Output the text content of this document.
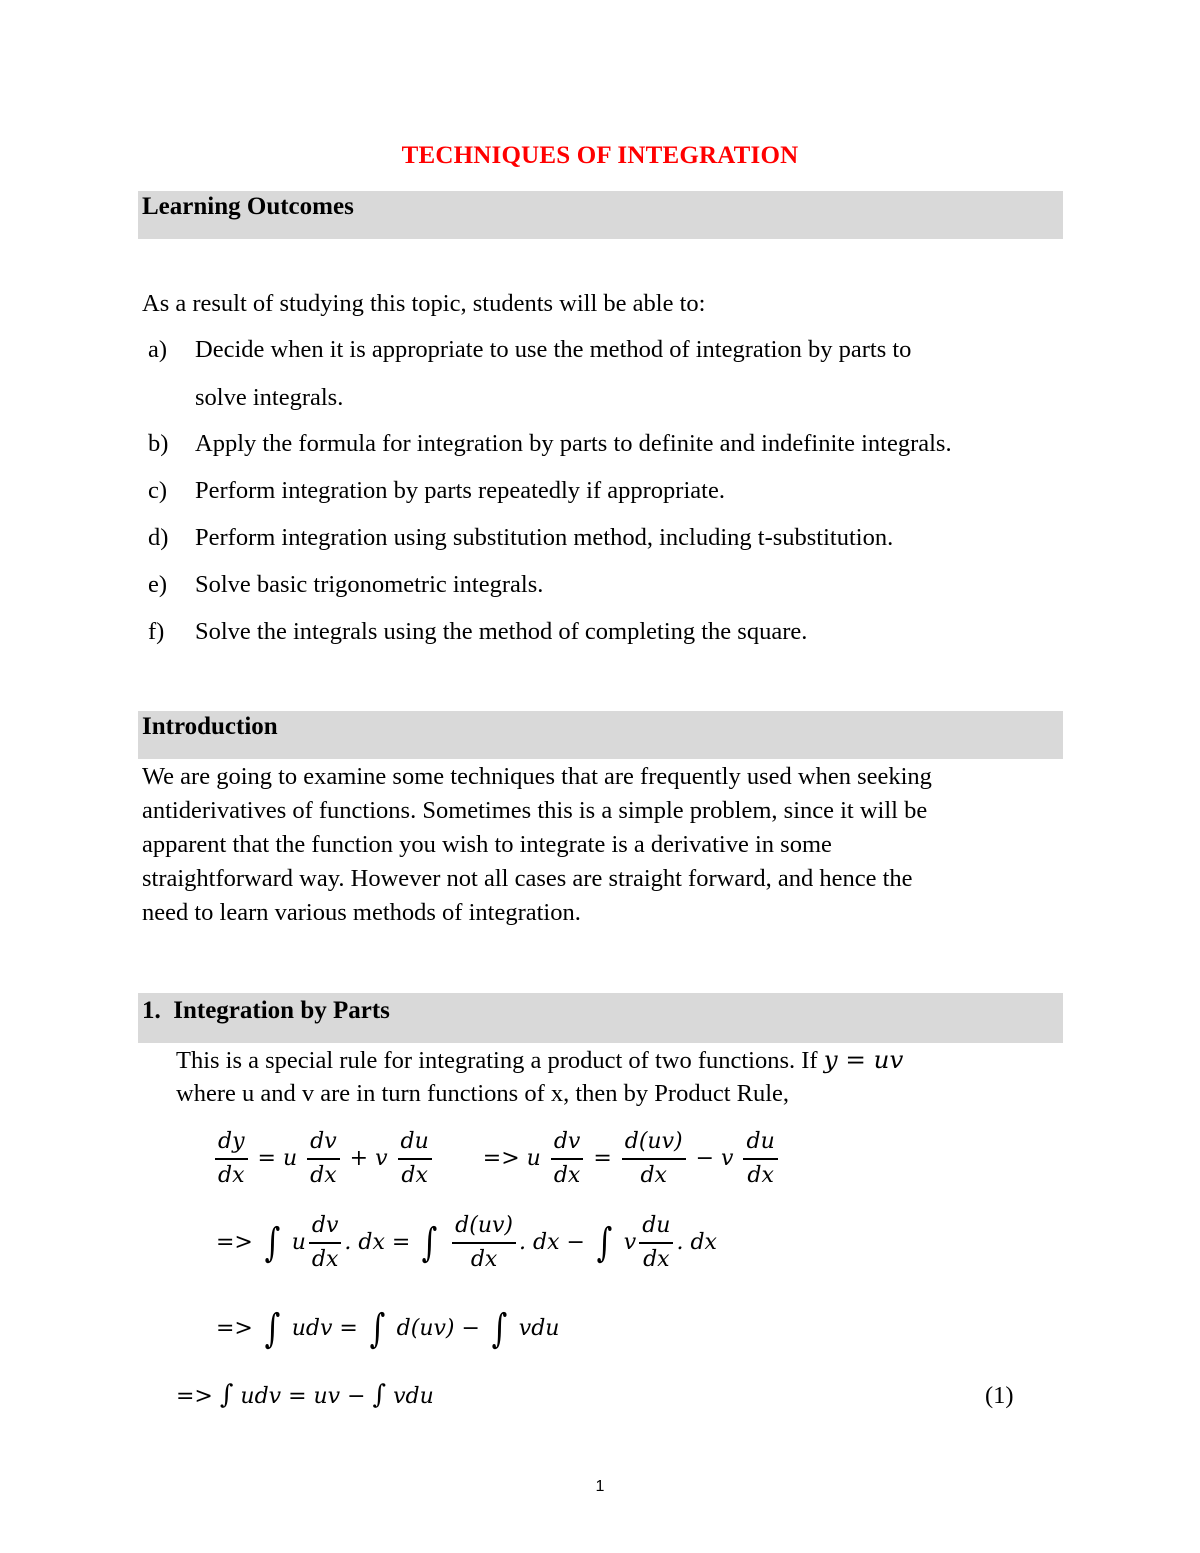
TECHNIQUES OF INTEGRATION
Learning Outcomes
As a result of studying this topic, students will be able to:
a) Decide when it is appropriate to use the method of integration by parts to
solve integrals.
b) Apply the formula for integration by parts to definite and indefinite integrals.
c) Perform integration by parts repeatedly if appropriate.
d) Perform integration using substitution method, including t-substitution.
e) Solve basic trigonometric integrals.
f) Solve the integrals using the method of completing the square.
Introduction
We are going to examine some techniques that are frequently used when seeking
antiderivatives of functions. Sometimes this is a simple problem, since it will be
apparent that the function you wish to integrate is a derivative in some
straightforward way. However not all cases are straight forward, and hence the
need to learn various methods of integration.
1. Integration by Parts
This is a special rule for integrating a product of two functions. If y = uv
where u and v are in turn functions of x, then by Product Rule,
$\frac{dy}{dx} = u \frac{dv}{dx} + v \frac{du}{dx} => u \frac{dv}{dx} = \frac{d(uv)}{dx} - v \frac{du}{dx}$
=> ∫ u $\frac{dv}{dx}$ . dx = ∫ $\frac{d(uv)}{dx}$ . dx − ∫ v $\frac{du}{dx}$ . dx
=> ∫ udv = ∫ d(uv) − ∫ vdu
=> ∫ udv = uv − ∫ vdu	(1)
1
